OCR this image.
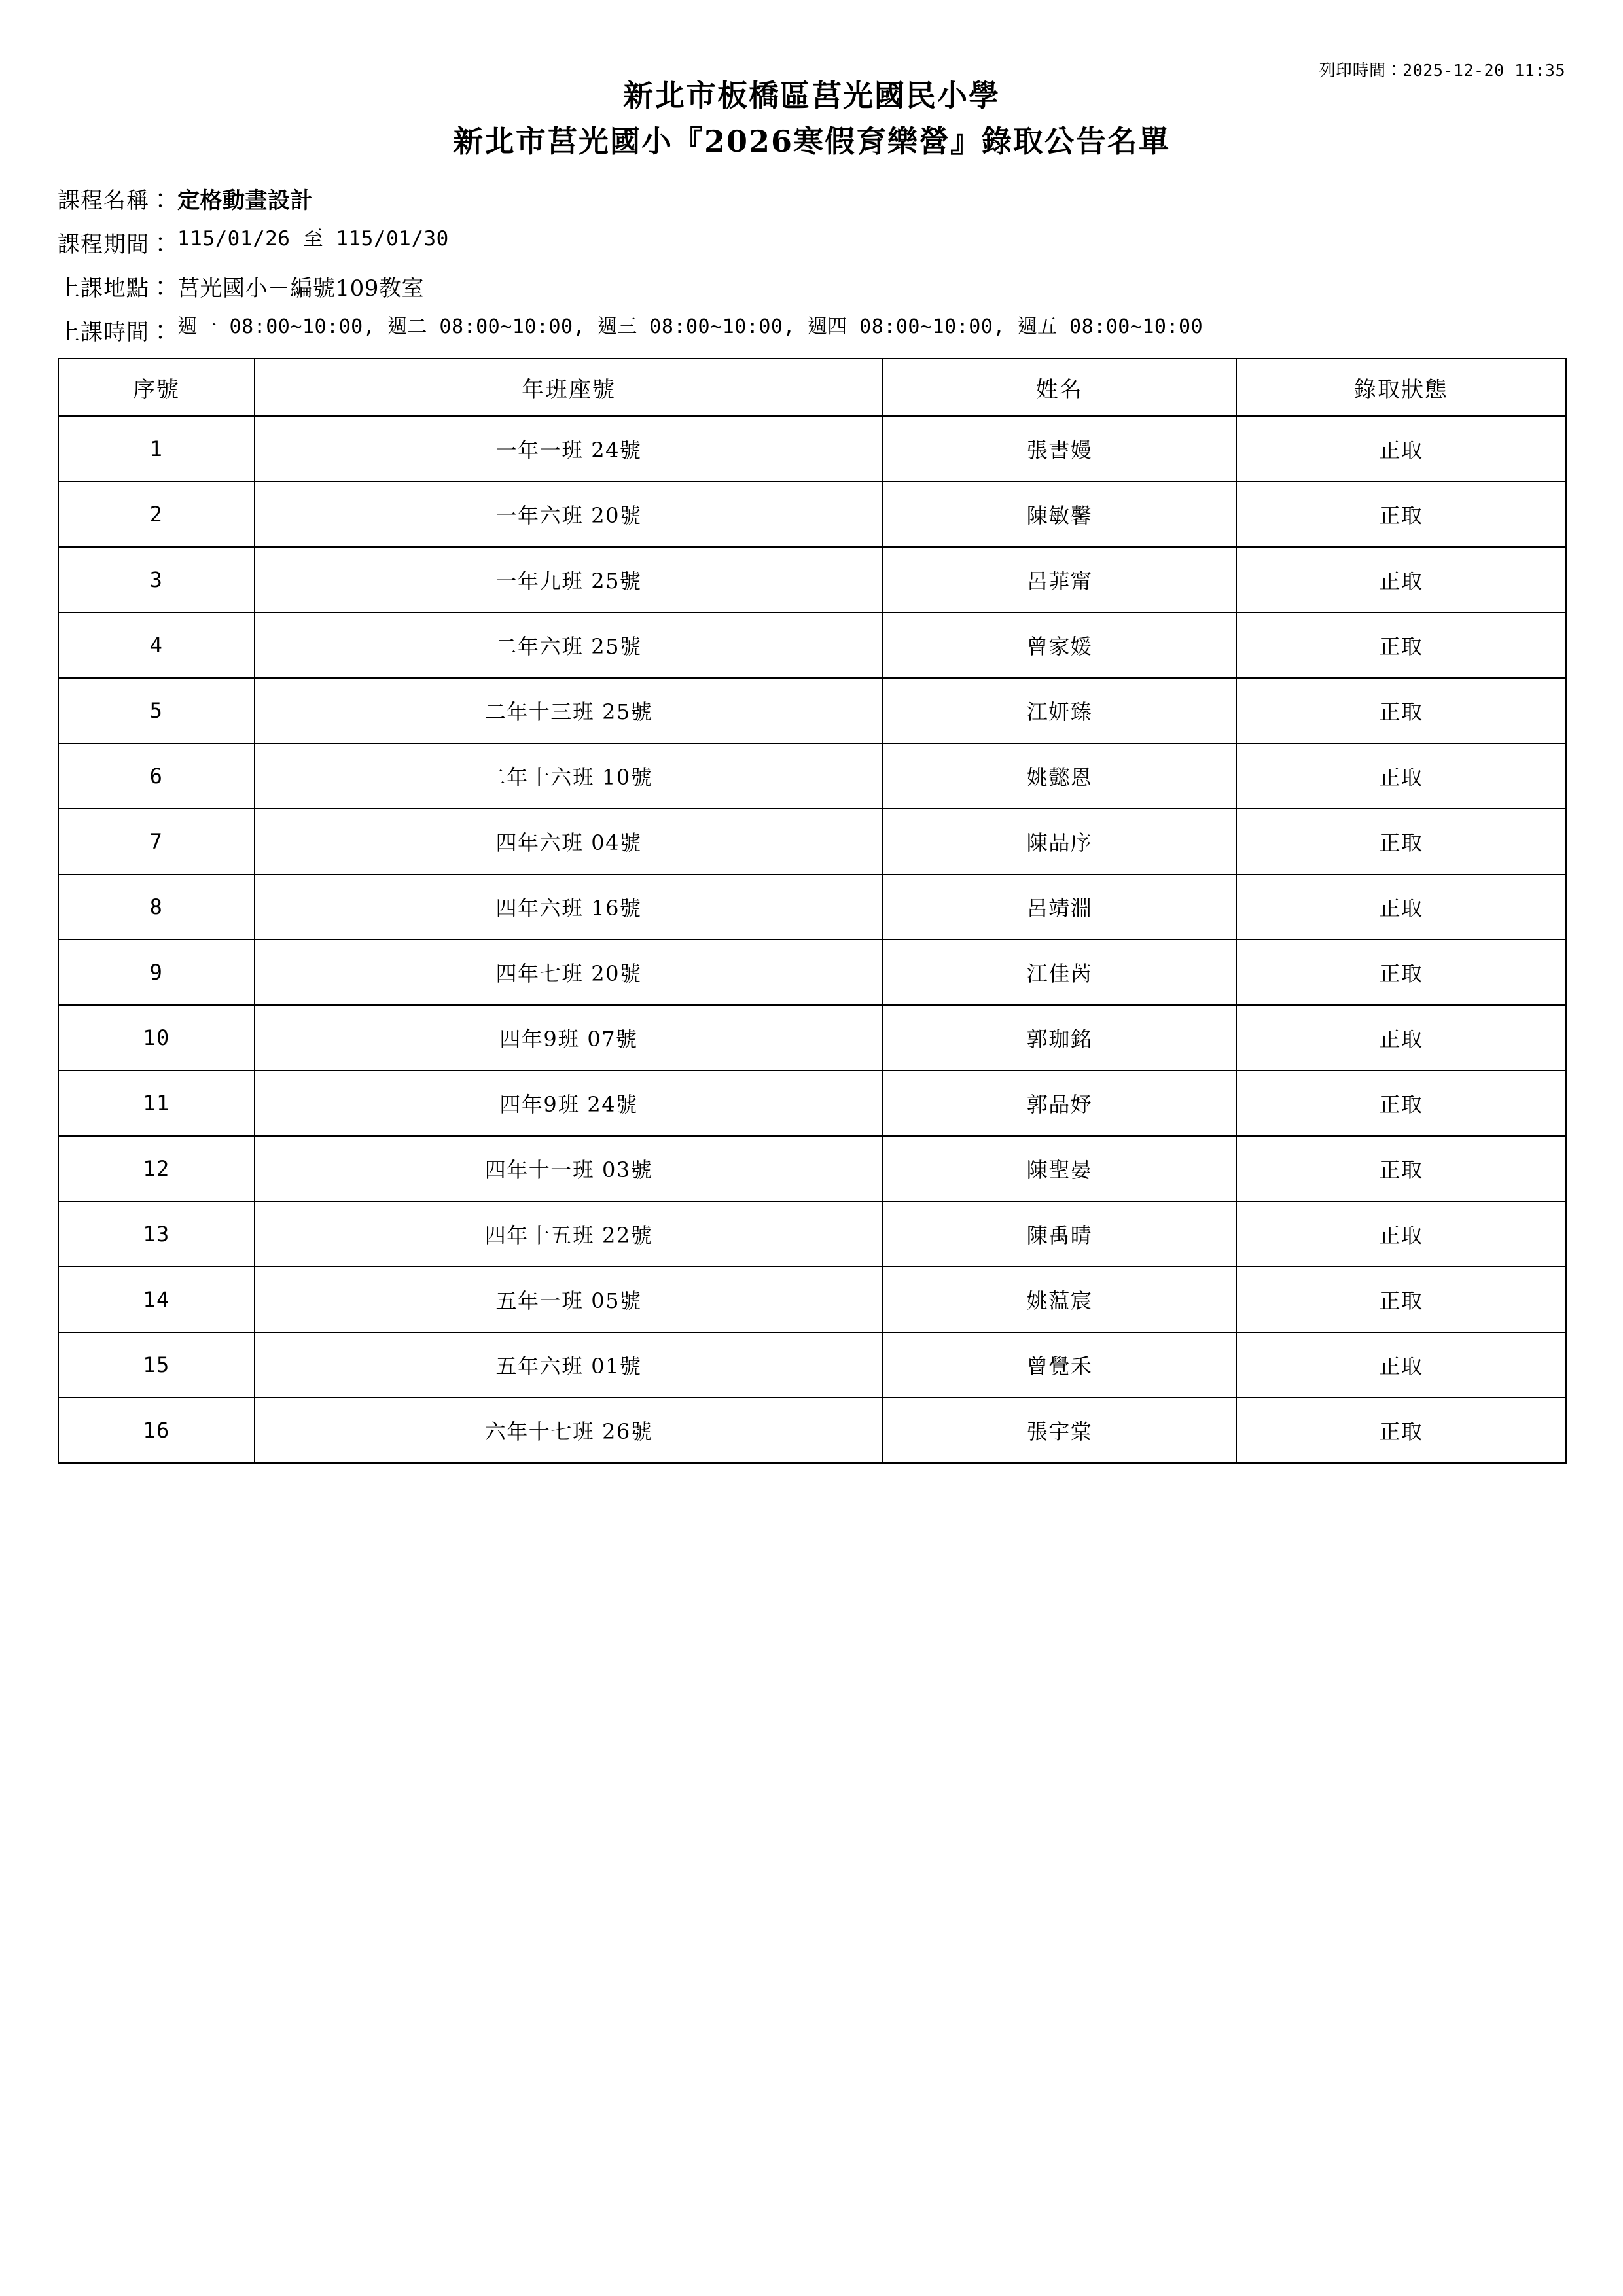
列印時間：2025-12-20 11:35
新北市板橋區莒光國民小學
新北市莒光國小『2026寒假育樂營』錄取公告名單
課程名稱： 定格動畫設計
課程期間： 115/01/26 至 115/01/30
上課地點： 莒光國小－編號109教室
上課時間： 週一 08:00~10:00, 週二 08:00~10:00, 週三 08:00~10:00, 週四 08:00~10:00, 週五 08:00~10:00
序號	年班座號	姓名	錄取狀態
1	一年一班 24號	張書嫚	正取
2	一年六班 20號	陳敏馨	正取
3	一年九班 25號	呂菲甯	正取
4	二年六班 25號	曾家媛	正取
5	二年十三班 25號	江妍臻	正取
6	二年十六班 10號	姚懿恩	正取
7	四年六班 04號	陳品序	正取
8	四年六班 16號	呂靖淵	正取
9	四年七班 20號	江佳芮	正取
10	四年9班 07號	郭珈銘	正取
11	四年9班 24號	郭品妤	正取
12	四年十一班 03號	陳聖晏	正取
13	四年十五班 22號	陳禹晴	正取
14	五年一班 05號	姚蕰宸	正取
15	五年六班 01號	曾覺禾	正取
16	六年十七班 26號	張宇棠	正取
